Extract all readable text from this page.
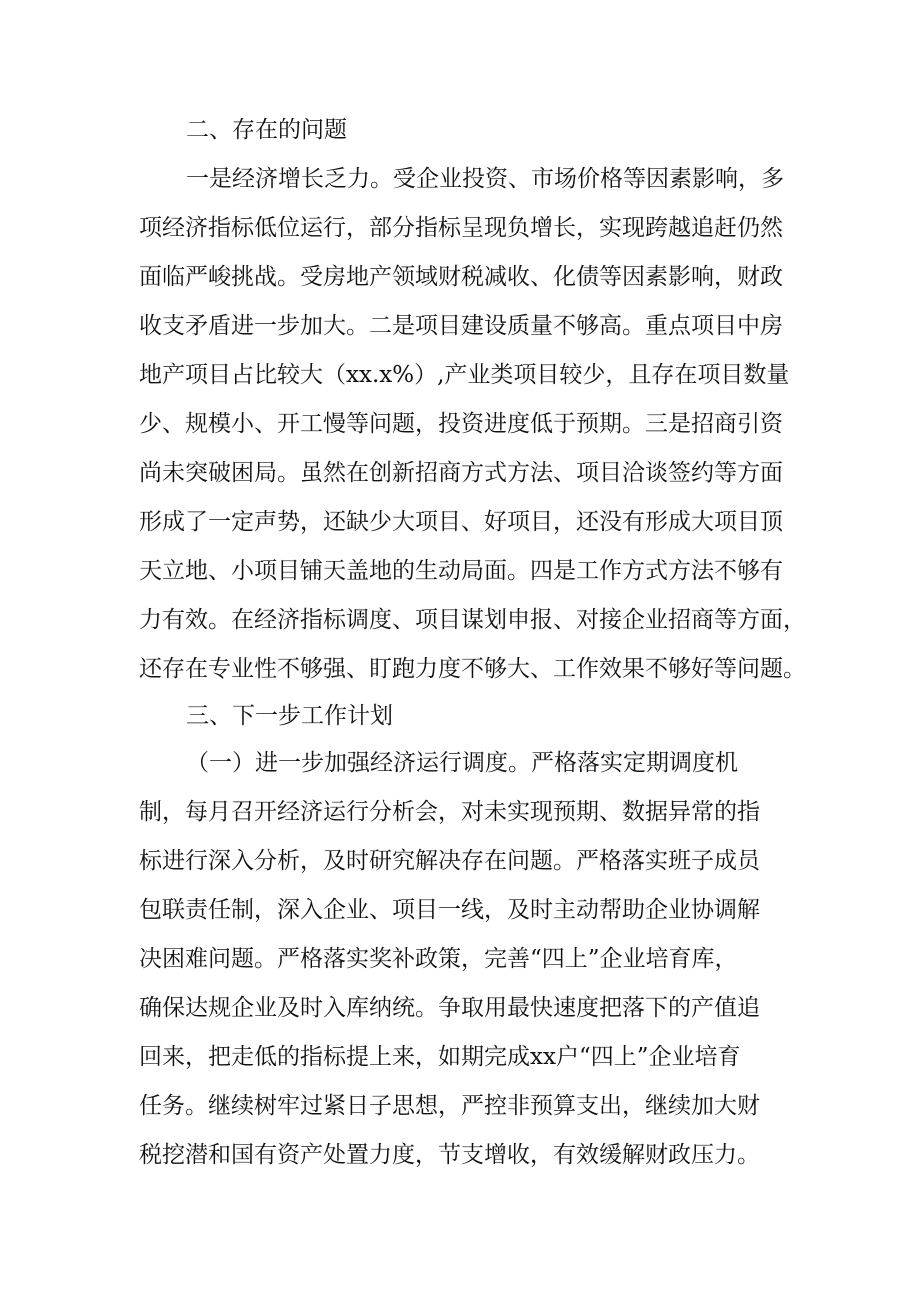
二、存在的问题

一是经济增长乏力。受企业投资、市场价格等因素影响，多

项经济指标低位运行，部分指标呈现负增长，实现跨越追赶仍然

面临严峻挑战。受房地产领域财税减收、化债等因素影响，财政

收支矛盾进一步加大。二是项目建设质量不够高。重点项目中房

地产项目占比较大（xx.x%）,产业类项目较少，且存在项目数量

少、规模小、开工慢等问题，投资进度低于预期。三是招商引资

尚未突破困局。虽然在创新招商方式方法、项目洽谈签约等方面

形成了一定声势，还缺少大项目、好项目，还没有形成大项目顶

天立地、小项目铺天盖地的生动局面。四是工作方式方法不够有

力有效。在经济指标调度、项目谋划申报、对接企业招商等方面，

还存在专业性不够强、盯跑力度不够大、工作效果不够好等问题。

三、下一步工作计划

（一）进一步加强经济运行调度。严格落实定期调度机

制，每月召开经济运行分析会，对未实现预期、数据异常的指

标进行深入分析，及时研究解决存在问题。严格落实班子成员

包联责任制，深入企业、项目一线，及时主动帮助企业协调解

决困难问题。严格落实奖补政策，完善“四上”企业培育库，

确保达规企业及时入库纳统。争取用最快速度把落下的产值追

回来，把走低的指标提上来，如期完成xx户“四上”企业培育

任务。继续树牢过紧日子思想，严控非预算支出，继续加大财

税挖潜和国有资产处置力度，节支增收，有效缓解财政压力。
